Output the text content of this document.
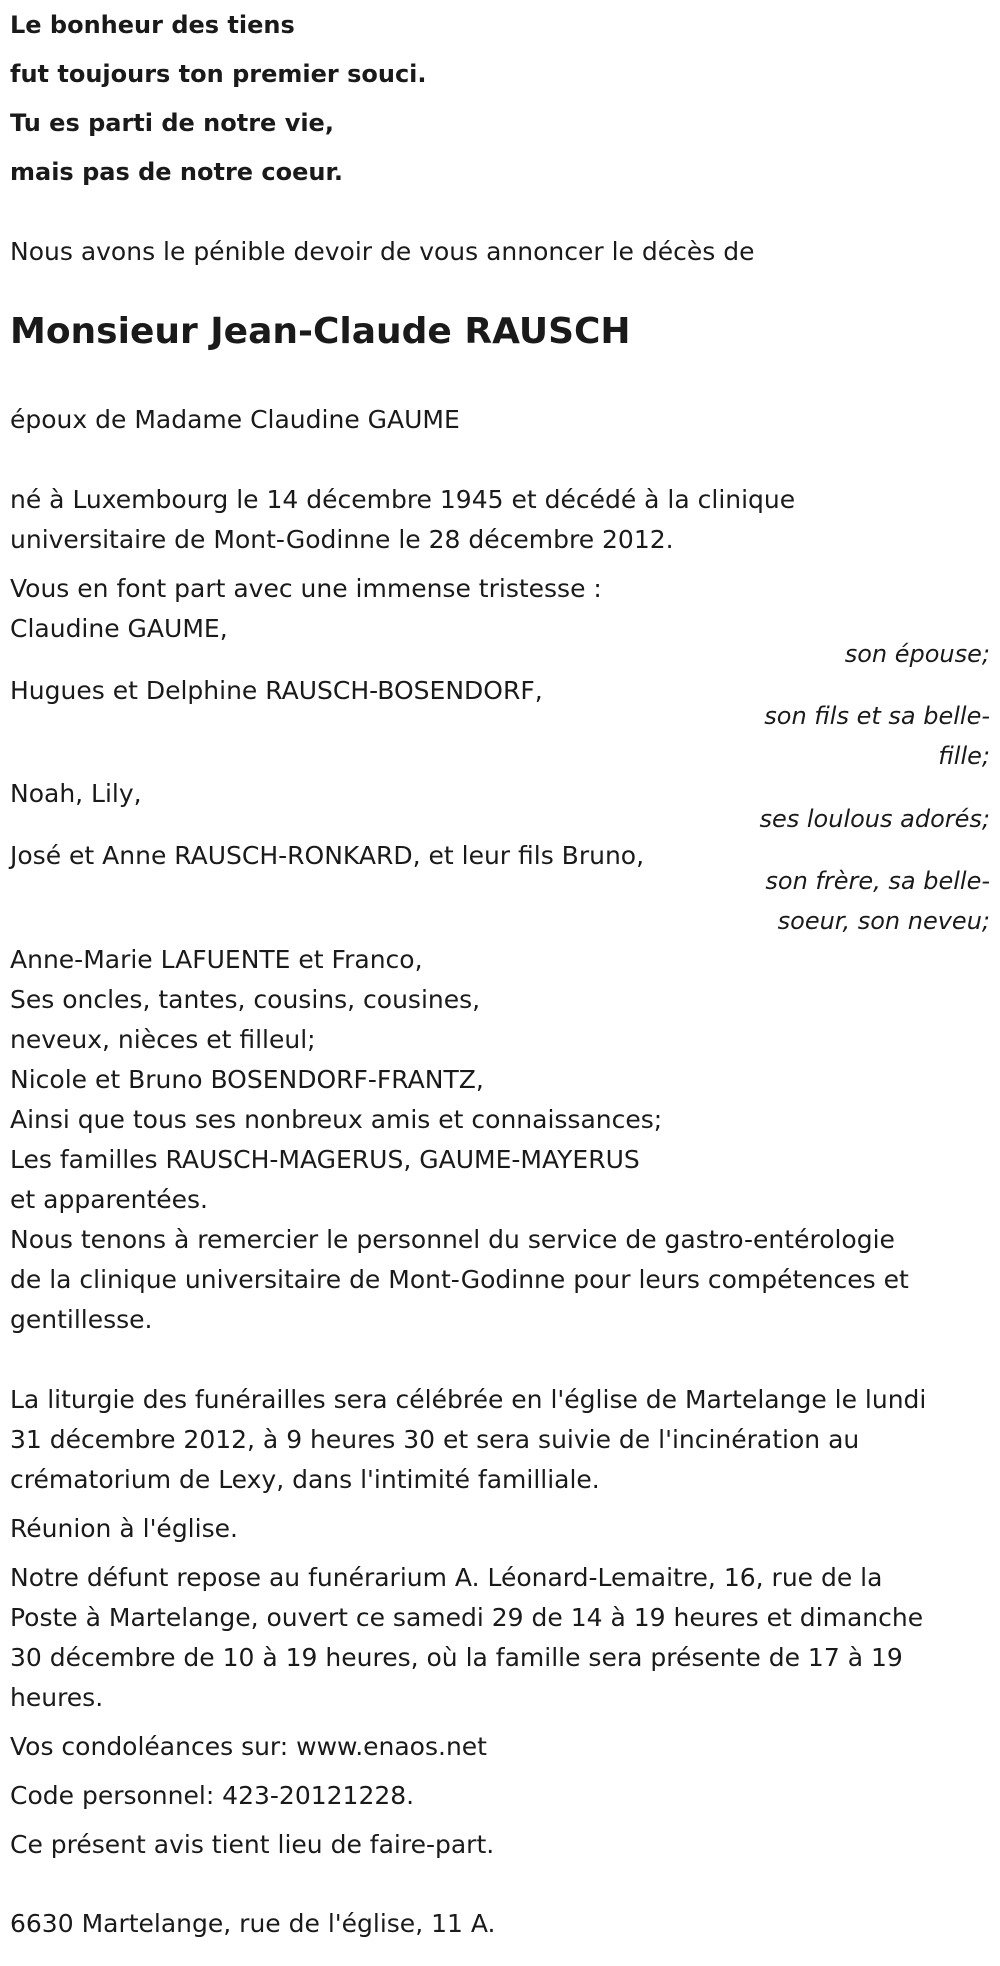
Le bonheur des tiens

fut toujours ton premier souci.

Tu es parti de notre vie,

mais pas de notre coeur.

Nous avons le pénible devoir de vous annoncer le décès de

Monsieur Jean-Claude RAUSCH

époux de Madame Claudine GAUME

né à Luxembourg le 14 décembre 1945 et décédé à la clinique

universitaire de Mont-Godinne le 28 décembre 2012.

Vous en font part avec une immense tristesse :

Claudine GAUME,

son épouse;

Hugues et Delphine RAUSCH-BOSENDORF,

son fils et sa belle-
fille;

Noah, Lily,

ses loulous adorés;

José et Anne RAUSCH-RONKARD, et leur fils Bruno,

son frère, sa belle-
soeur, son neveu;

Anne-Marie LAFUENTE et Franco,

Ses oncles, tantes, cousins, cousines,

neveux, nièces et filleul;

Nicole et Bruno BOSENDORF-FRANTZ,

Ainsi que tous ses nonbreux amis et connaissances;

Les familles RAUSCH-MAGERUS, GAUME-MAYERUS

et apparentées.

Nous tenons à remercier le personnel du service de gastro-entérologie

de la clinique universitaire de Mont-Godinne pour leurs compétences et

gentillesse.

La liturgie des funérailles sera célébrée en l'église de Martelange le lundi

31 décembre 2012, à 9 heures 30 et sera suivie de l'incinération au

crématorium de Lexy, dans l'intimité familliale.

Réunion à l'église.

Notre défunt repose au funérarium A. Léonard-Lemaitre, 16, rue de la

Poste à Martelange, ouvert ce samedi 29 de 14 à 19 heures et dimanche

30 décembre de 10 à 19 heures, où la famille sera présente de 17 à 19

heures.

Vos condoléances sur: www.enaos.net

Code personnel: 423-20121228.

Ce présent avis tient lieu de faire-part.

6630 Martelange, rue de l'église, 11 A.
